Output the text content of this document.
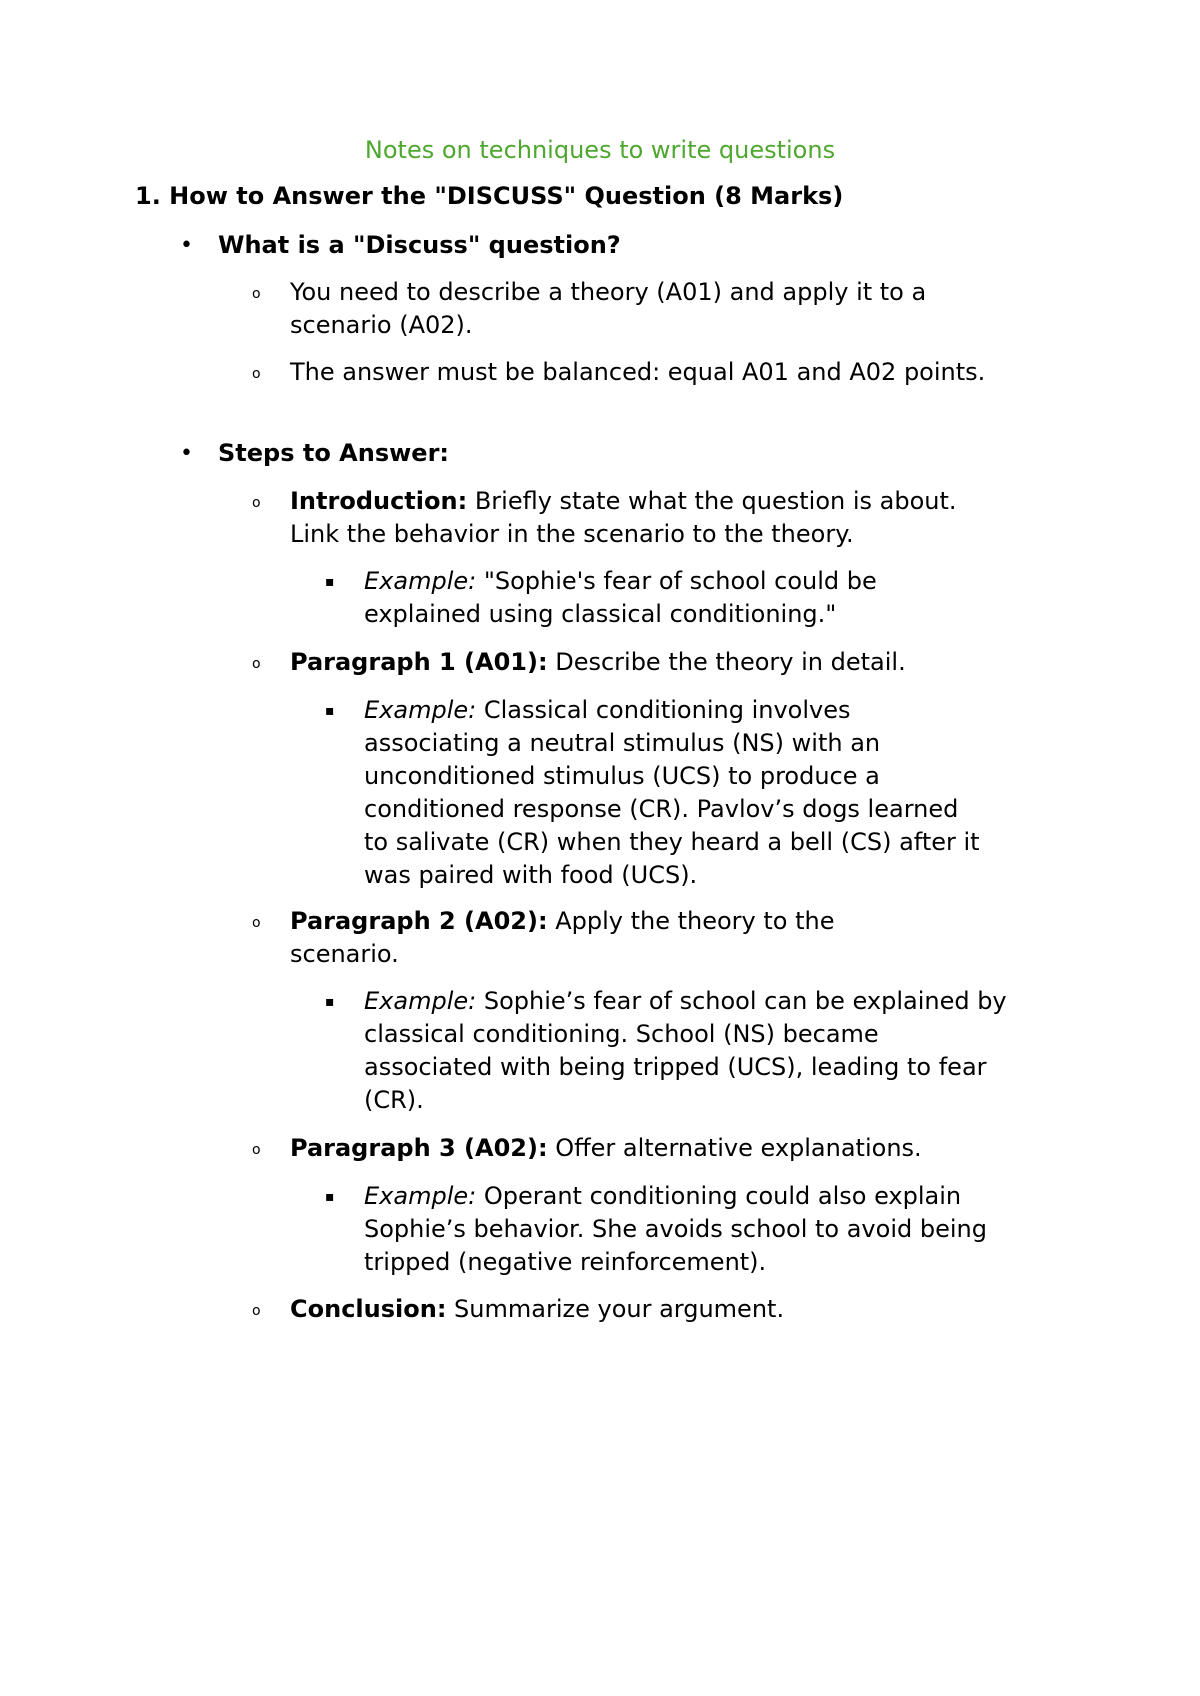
Notes on techniques to write questions
1. How to Answer the "DISCUSS" Question (8 Marks)
• What is a "Discuss" question?
o You need to describe a theory (A01) and apply it to a scenario (A02).
o The answer must be balanced: equal A01 and A02 points.
• Steps to Answer:
o Introduction: Briefly state what the question is about. Link the behavior in the scenario to the theory.
▪ Example: "Sophie's fear of school could be explained using classical conditioning."
o Paragraph 1 (A01): Describe the theory in detail.
▪ Example: Classical conditioning involves associating a neutral stimulus (NS) with an unconditioned stimulus (UCS) to produce a conditioned response (CR). Pavlov’s dogs learned to salivate (CR) when they heard a bell (CS) after it was paired with food (UCS).
o Paragraph 2 (A02): Apply the theory to the scenario.
▪ Example: Sophie’s fear of school can be explained by classical conditioning. School (NS) became associated with being tripped (UCS), leading to fear (CR).
o Paragraph 3 (A02): Offer alternative explanations.
▪ Example: Operant conditioning could also explain Sophie’s behavior. She avoids school to avoid being tripped (negative reinforcement).
o Conclusion: Summarize your argument.
